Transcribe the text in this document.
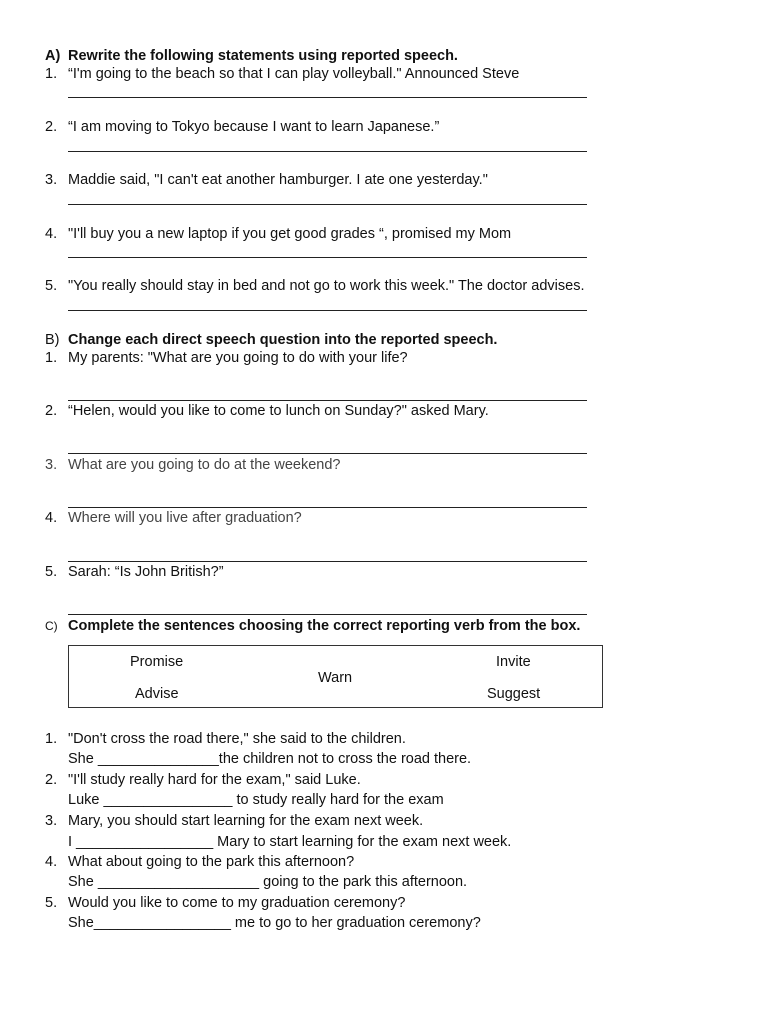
A) Rewrite the following statements using reported speech.
1. “I'm going to the beach so that I can play volleyball." Announced Steve
2. “I am moving to Tokyo because I want to learn Japanese.”
3. Maddie said, "I can't eat another hamburger. I ate one yesterday."
4. "I'll buy you a new laptop if you get good grades “, promised my Mom
5. "You really should stay in bed and not go to work this week." The doctor advises.
B) Change each direct speech question into the reported speech.
1. My parents: "What are you going to do with your life?
2. “Helen, would you like to come to lunch on Sunday?" asked Mary.
3. What are you going to do at the weekend?
4. Where will you live after graduation?
5. Sarah: “Is John British?”
C) Complete the sentences choosing the correct reporting verb from the box.
Promise
Advise
Warn
Invite
Suggest
1. "Don't cross the road there," she said to the children.
She _______________the children not to cross the road there.
2. "I'll study really hard for the exam," said Luke.
Luke ________________ to study really hard for the exam
3. Mary, you should start learning for the exam next week.
I _________________ Mary to start learning for the exam next week.
4. What about going to the park this afternoon?
She ____________________ going to the park this afternoon.
5. Would you like to come to my graduation ceremony?
She_________________ me to go to her graduation ceremony?
